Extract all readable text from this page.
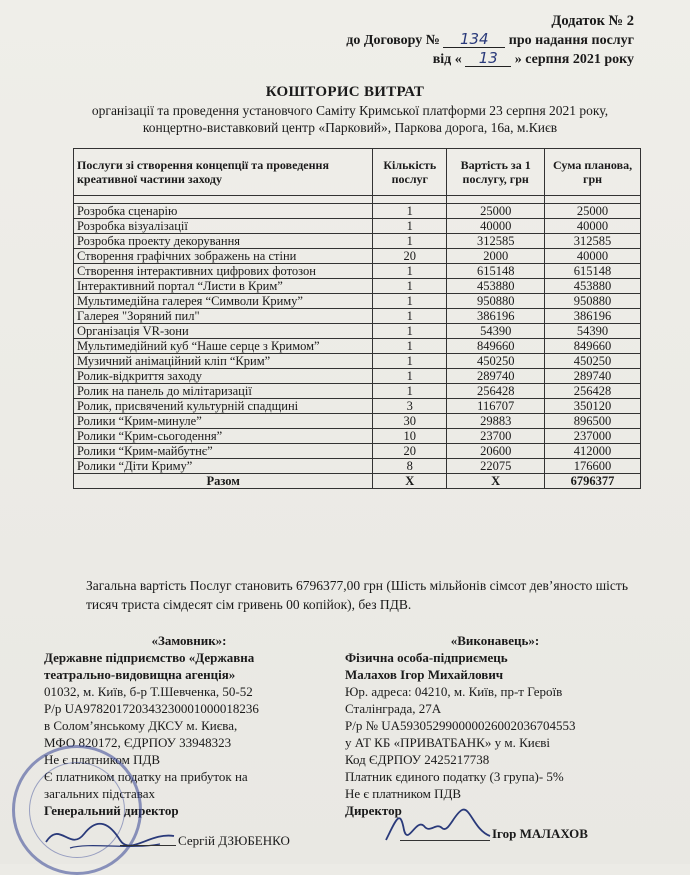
Додаток № 2
до Договору № 134 про надання послуг
від « 13 » серпня 2021 року
КОШТОРИС ВИТРАТ
організації та проведення установчого Саміту Кримської платформи 23 серпня 2021 року,
концертно-виставковий центр «Парковий», Паркова дорога, 16а, м.Києв
Послуги зі створення концепції та проведення креативної частини заходу	Кількість послуг	Вартість за 1 послугу, грн	Сума планова, грн

Розробка сценарію	1	25000	25000
Розробка візуалізації	1	40000	40000
Розробка проекту декорування	1	312585	312585
Створення графічних зображень на стіни	20	2000	40000
Створення інтерактивних цифрових фотозон	1	615148	615148
Інтерактивний портал “Листи в Крим”	1	453880	453880
Мультимедійна галерея “Символи Криму”	1	950880	950880
Галерея "Зоряний пил"	1	386196	386196
Організація VR-зони	1	54390	54390
Мультимедійний куб “Наше серце з Кримом”	1	849660	849660
Музичний анімаційний кліп “Крим”	1	450250	450250
Ролик-відкриття заходу	1	289740	289740
Ролик на панель до мілітаризації	1	256428	256428
Ролик, присвячений культурній спадщині	3	116707	350120
Ролики “Крим-минуле”	30	29883	896500
Ролики “Крим-сьогодення”	10	23700	237000
Ролики “Крим-майбутнє”	20	20600	412000
Ролики “Діти Криму”	8	22075	176600
Разом	X	X	6796377
Загальна вартість Послуг становить 6796377,00 грн (Шість мільйонів сімсот дев’яносто шість тисяч триста сімдесят сім гривень 00 копійок), без ПДВ.
«Замовник»:
Державне підприємство «Державна
театрально-видовищна агенція»
01032, м. Київ, б-р Т.Шевченка, 50-52
Р/р UA978201720343230001000018236
в Солом’янському ДКСУ м. Києва,
МФО 820172, ЄДРПОУ 33948323
Не є платником ПДВ
Є платником податку на прибуток на
загальних підставах
Генеральний директор
«Виконавець»:
Фізична особа-підприємець
Малахов Ігор Михайлович
Юр. адреса: 04210, м. Київ, пр-т Героїв
Сталінграда, 27А
Р/р № UA593052990000026002036704553
у АТ КБ «ПРИВАТБАНК» у м. Києві
Код ЄДРПОУ 2425217738
Платник єдиного податку (3 група)- 5%
Не є платником ПДВ
Директор
Сергій ДЗЮБЕНКО	Ігор МАЛАХОВ
